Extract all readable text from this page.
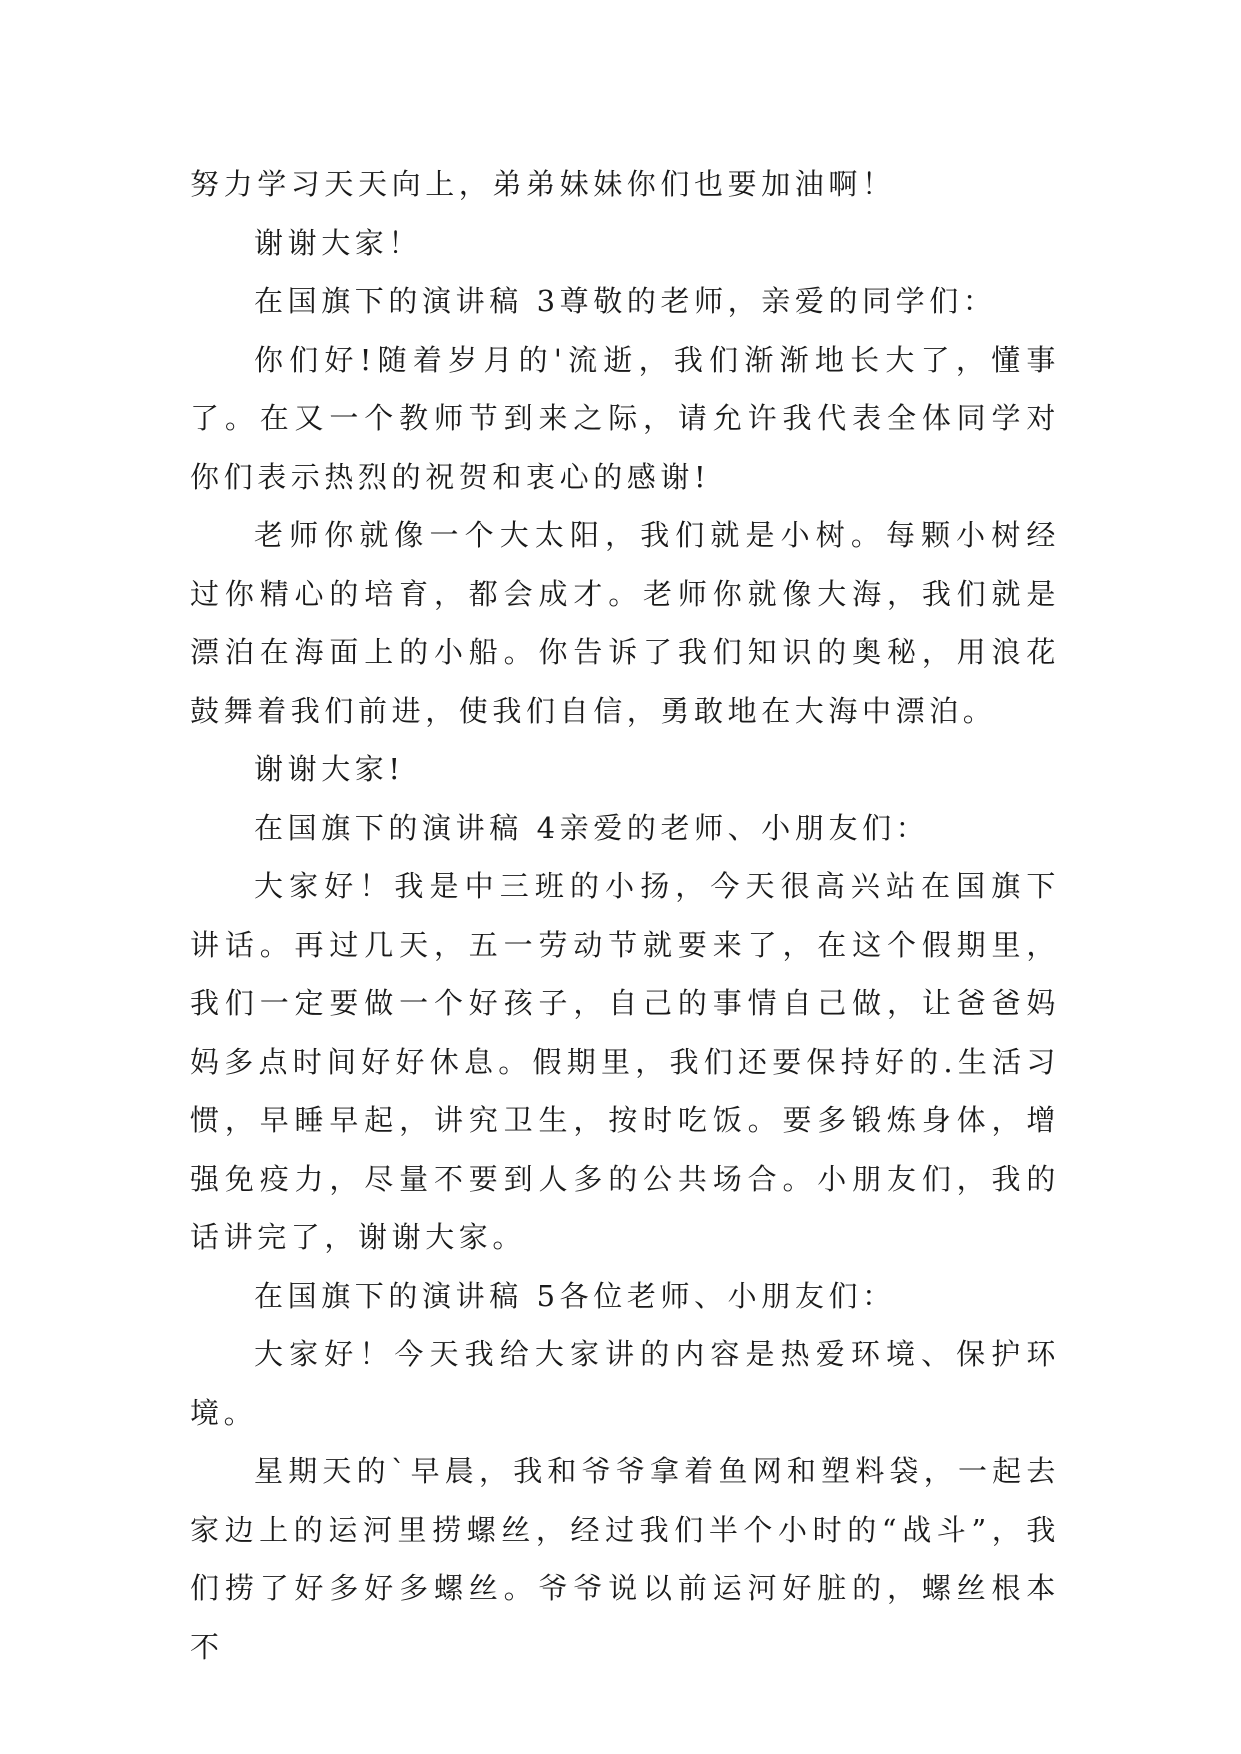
努力学习天天向上，弟弟妹妹你们也要加油啊！

谢谢大家！

在国旗下的演讲稿 3尊敬的老师，亲爱的同学们：

你们好!随着岁月的'流逝，我们渐渐地长大了，懂事了。在又一个教师节到来之际，请允许我代表全体同学对你们表示热烈的祝贺和衷心的感谢!

老师你就像一个大太阳，我们就是小树。每颗小树经过你精心的培育，都会成才。老师你就像大海，我们就是漂泊在海面上的小船。你告诉了我们知识的奥秘，用浪花鼓舞着我们前进，使我们自信，勇敢地在大海中漂泊。

谢谢大家!

在国旗下的演讲稿 4亲爱的老师、小朋友们：

大家好！我是中三班的小扬，今天很高兴站在国旗下讲话。再过几天，五一劳动节就要来了，在这个假期里，我们一定要做一个好孩子，自己的事情自己做，让爸爸妈妈多点时间好好休息。假期里，我们还要保持好的.生活习惯，早睡早起，讲究卫生，按时吃饭。要多锻炼身体，增强免疫力，尽量不要到人多的公共场合。小朋友们，我的话讲完了，谢谢大家。

在国旗下的演讲稿 5各位老师、小朋友们：

大家好！今天我给大家讲的内容是热爱环境、保护环境。

星期天的`早晨，我和爷爷拿着鱼网和塑料袋，一起去家边上的运河里捞螺丝，经过我们半个小时的“战斗”，我们捞了好多好多螺丝。爷爷说以前运河好脏的，螺丝根本不
